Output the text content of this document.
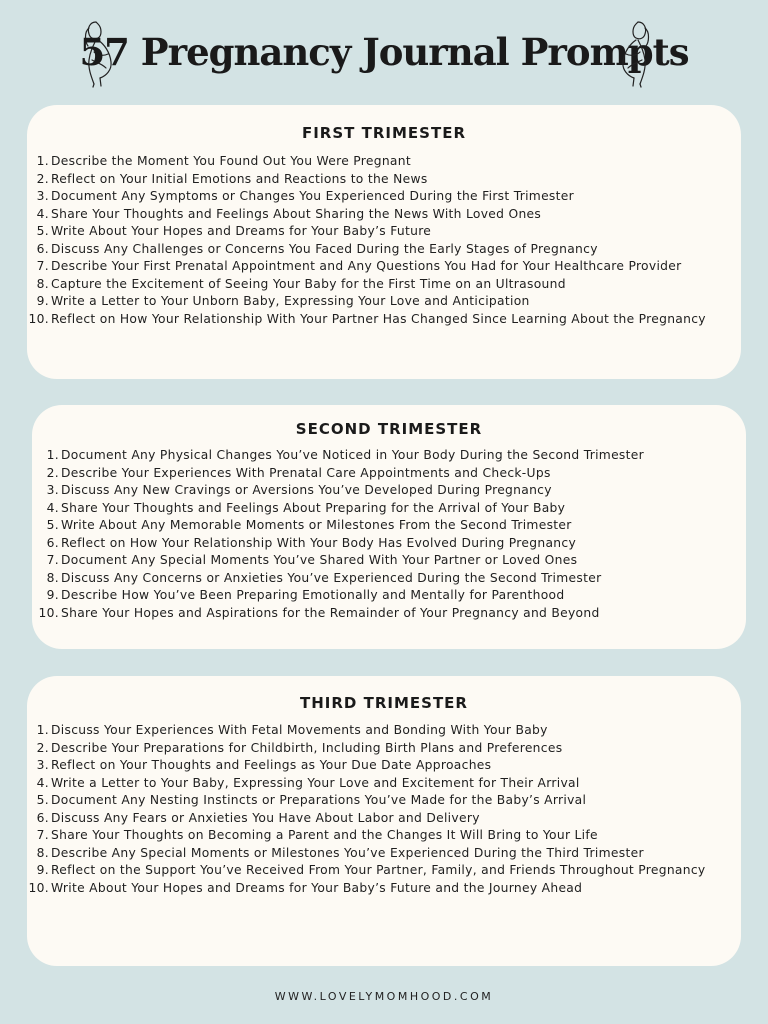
57 Pregnancy Journal Prompts
FIRST TRIMESTER
1. Describe the Moment You Found Out You Were Pregnant
2. Reflect on Your Initial Emotions and Reactions to the News
3. Document Any Symptoms or Changes You Experienced During the First Trimester
4. Share Your Thoughts and Feelings About Sharing the News With Loved Ones
5. Write About Your Hopes and Dreams for Your Baby’s Future
6. Discuss Any Challenges or Concerns You Faced During the Early Stages of Pregnancy
7. Describe Your First Prenatal Appointment and Any Questions You Had for Your Healthcare Provider
8. Capture the Excitement of Seeing Your Baby for the First Time on an Ultrasound
9. Write a Letter to Your Unborn Baby, Expressing Your Love and Anticipation
10. Reflect on How Your Relationship With Your Partner Has Changed Since Learning About the Pregnancy
SECOND TRIMESTER
1. Document Any Physical Changes You’ve Noticed in Your Body During the Second Trimester
2. Describe Your Experiences With Prenatal Care Appointments and Check-Ups
3. Discuss Any New Cravings or Aversions You’ve Developed During Pregnancy
4. Share Your Thoughts and Feelings About Preparing for the Arrival of Your Baby
5. Write About Any Memorable Moments or Milestones From the Second Trimester
6. Reflect on How Your Relationship With Your Body Has Evolved During Pregnancy
7. Document Any Special Moments You’ve Shared With Your Partner or Loved Ones
8. Discuss Any Concerns or Anxieties You’ve Experienced During the Second Trimester
9. Describe How You’ve Been Preparing Emotionally and Mentally for Parenthood
10. Share Your Hopes and Aspirations for the Remainder of Your Pregnancy and Beyond
THIRD TRIMESTER
1. Discuss Your Experiences With Fetal Movements and Bonding With Your Baby
2. Describe Your Preparations for Childbirth, Including Birth Plans and Preferences
3. Reflect on Your Thoughts and Feelings as Your Due Date Approaches
4. Write a Letter to Your Baby, Expressing Your Love and Excitement for Their Arrival
5. Document Any Nesting Instincts or Preparations You’ve Made for the Baby’s Arrival
6. Discuss Any Fears or Anxieties You Have About Labor and Delivery
7. Share Your Thoughts on Becoming a Parent and the Changes It Will Bring to Your Life
8. Describe Any Special Moments or Milestones You’ve Experienced During the Third Trimester
9. Reflect on the Support You’ve Received From Your Partner, Family, and Friends Throughout Pregnancy
10. Write About Your Hopes and Dreams for Your Baby’s Future and the Journey Ahead
WWW.LOVELYMOMHOOD.COM
